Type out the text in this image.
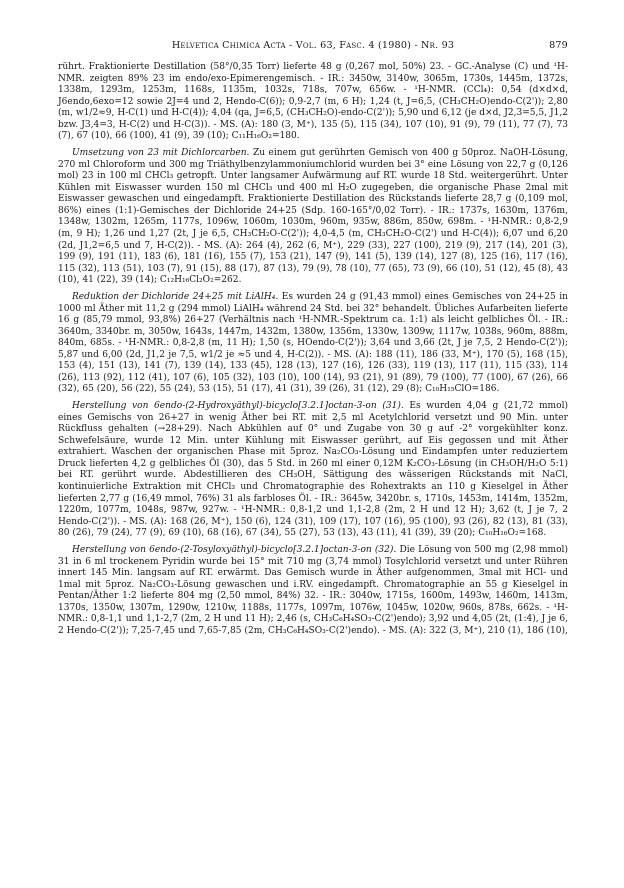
Helvetica Chimica Acta - Vol. 63, Fasc. 4 (1980) - Nr. 93	879

rührt. Fraktionierte Destillation (58°/0,35 Torr) lieferte 48 g (0,267 mol, 50%) 23. - GC.-Analyse (C) und ¹H-NMR. zeigten 89% 23 im endo/exo-Epimerengemisch. - IR.: 3450w, 3140w, 3065m, 1730s, 1445m, 1372s, 1338m, 1293m, 1253m, 1168s, 1135m, 1032s, 718s, 707w, 656w. - ¹H-NMR. (CCl₄): 0,54 (d×d×d, J6endo,6exo=12 sowie 2J=4 und 2, Hendo-C(6)); 0,9-2,7 (m, 6 H); 1,24 (t, J=6,5, (CH₃CH₂O)endo-C(2')); 2,80 (m, w1/2≈9, H-C(1) und H-C(4)); 4,04 (qa, J=6,5, (CH₃CH₂O)-endo-C(2')); 5,90 und 6,12 (je d×d, J2,3=5,5, J1,2 bzw. J3,4=3, H-C(2) und H-C(3)). - MS. (A): 180 (3, M⁺), 135 (5), 115 (34), 107 (10), 91 (9), 79 (11), 77 (7), 73 (7), 67 (10), 66 (100), 41 (9), 39 (10); C₁₁H₁₆O₂=180.

Umsetzung von 23 mit Dichlorcarben. Zu einem gut gerührten Gemisch von 400 g 50proz. NaOH-Lösung, 270 ml Chloroform und 300 mg Triäthylbenzylammoniumchlorid wurden bei 3° eine Lösung von 22,7 g (0,126 mol) 23 in 100 ml CHCl₃ getropft. Unter langsamer Aufwärmung auf RT. wurde 18 Std. weitergerührt. Unter Kühlen mit Eiswasser wurden 150 ml CHCl₃ und 400 ml H₂O zugegeben, die organische Phase 2mal mit Eiswasser gewaschen und eingedampft. Fraktionierte Destillation des Rückstands lieferte 28,7 g (0,109 mol, 86%) eines (1:1)-Gemisches der Dichloride 24+25 (Sdp. 160-165°/0,02 Torr). - IR.: 1737s, 1630m, 1376m, 1348w, 1302m, 1265m, 1177s, 1096w, 1060m, 1030m, 960m, 935w, 886m, 850w, 698m. - ¹H-NMR.: 0,8-2,9 (m, 9 H); 1,26 und 1,27 (2t, J je 6,5, CH₃CH₂O-C(2')); 4,0-4,5 (m, CH₃CH₂O-C(2') und H-C(4)); 6,07 und 6,20 (2d, J1,2=6,5 und 7, H-C(2)). - MS. (A): 264 (4), 262 (6, M⁺), 229 (33), 227 (100), 219 (9), 217 (14), 201 (3), 199 (9), 191 (11), 183 (6), 181 (16), 155 (7), 153 (21), 147 (9), 141 (5), 139 (14), 127 (8), 125 (16), 117 (16), 115 (32), 113 (51), 103 (7), 91 (15), 88 (17), 87 (13), 79 (9), 78 (10), 77 (65), 73 (9), 66 (10), 51 (12), 45 (8), 43 (10), 41 (22), 39 (14); C₁₂H₁₆Cl₂O₂=262.

Reduktion der Dichloride 24+25 mit LiAlH₄. Es wurden 24 g (91,43 mmol) eines Gemisches von 24+25 in 1000 ml Äther mit 11,2 g (294 mmol) LiAlH₄ während 24 Std. bei 32° behandelt. Übliches Aufarbeiten lieferte 16 g (85,79 mmol, 93,8%) 26+27 (Verhältnis nach ¹H-NMR.-Spektrum ca. 1:1) als leicht gelbliches Öl. - IR.: 3640m, 3340br. m, 3050w, 1643s, 1447m, 1432m, 1380w, 1356m, 1330w, 1309w, 1117w, 1038s, 960m, 888m, 840m, 685s. - ¹H-NMR.: 0,8-2,8 (m, 11 H); 1,50 (s, HOendo-C(2')); 3,64 und 3,66 (2t, J je 7,5, 2 Hendo-C(2')); 5,87 und 6,00 (2d, J1,2 je 7,5, w1/2 je ≈5 und 4, H-C(2)). - MS. (A): 188 (11), 186 (33, M⁺), 170 (5), 168 (15), 153 (4), 151 (13), 141 (7), 139 (14), 133 (45), 128 (13), 127 (16), 126 (33), 119 (13), 117 (11), 115 (33), 114 (26), 113 (92), 112 (41), 107 (6), 105 (32), 103 (10), 100 (14), 93 (21), 91 (89), 79 (100), 77 (100), 67 (26), 66 (32), 65 (20), 56 (22), 55 (24), 53 (15), 51 (17), 41 (31), 39 (26), 31 (12), 29 (8); C₁₀H₁₅ClO=186.

Herstellung von 6endo-(2-Hydroxyäthyl)-bicyclo[3.2.1]octan-3-on (31). Es wurden 4,04 g (21,72 mmol) eines Gemischs von 26+27 in wenig Äther bei RT. mit 2,5 ml Acetylchlorid versetzt und 90 Min. unter Rückfluss gehalten (→28+29). Nach Abkühlen auf 0° und Zugabe von 30 g auf -2° vorgekühlter konz. Schwefelsäure, wurde 12 Min. unter Kühlung mit Eiswasser gerührt, auf Eis gegossen und mit Äther extrahiert. Waschen der organischen Phase mit 5proz. Na₂CO₃-Lösung und Eindampfen unter reduziertem Druck lieferten 4,2 g gelbliches Öl (30), das 5 Std. in 260 ml einer 0,12M K₂CO₃-Lösung (in CH₃OH/H₂O 5:1) bei RT. gerührt wurde. Abdestillieren des CH₃OH, Sättigung des wässerigen Rückstands mit NaCl, kontinuierliche Extraktion mit CHCl₃ und Chromatographie des Rohextrakts an 110 g Kieselgel in Äther lieferten 2,77 g (16,49 mmol, 76%) 31 als farbloses Öl. - IR.: 3645w, 3420br. s, 1710s, 1453m, 1414m, 1352m, 1220m, 1077m, 1048s, 987w, 927w. - ¹H-NMR.: 0,8-1,2 und 1,1-2,8 (2m, 2 H und 12 H); 3,62 (t, J je 7, 2 Hendo-C(2')). - MS. (A): 168 (26, M⁺), 150 (6), 124 (31), 109 (17), 107 (16), 95 (100), 93 (26), 82 (13), 81 (33), 80 (26), 79 (24), 77 (9), 69 (10), 68 (16), 67 (34), 55 (27), 53 (13), 43 (11), 41 (39), 39 (20); C₁₀H₁₆O₂=168.

Herstellung von 6endo-(2-Tosyloxyäthyl)-bicyclo[3.2.1]octan-3-on (32). Die Lösung von 500 mg (2,98 mmol) 31 in 6 ml trockenem Pyridin wurde bei 15° mit 710 mg (3,74 mmol) Tosylchlorid versetzt und unter Rühren innert 145 Min. langsam auf RT. erwärmt. Das Gemisch wurde in Äther aufgenommen, 3mal mit HCl- und 1mal mit 5proz. Na₂CO₃-Lösung gewaschen und i.RV. eingedampft. Chromatographie an 55 g Kieselgel in Pentan/Äther 1:2 lieferte 804 mg (2,50 mmol, 84%) 32. - IR.: 3040w, 1715s, 1600m, 1493w, 1460m, 1413m, 1370s, 1350w, 1307m, 1290w, 1210w, 1188s, 1177s, 1097m, 1076w, 1045w, 1020w, 960s, 878s, 662s. - ¹H-NMR.: 0,8-1,1 und 1,1-2,7 (2m, 2 H und 11 H); 2,46 (s, CH₃C₆H₄SO₃-C(2')endo); 3,92 und 4,05 (2t, (1:4), J je 6, 2 Hendo-C(2')); 7,25-7,45 und 7,65-7,85 (2m, CH₃C₆H₄SO₃-C(2')endo). - MS. (A): 322 (3, M⁺), 210 (1), 186 (10),
